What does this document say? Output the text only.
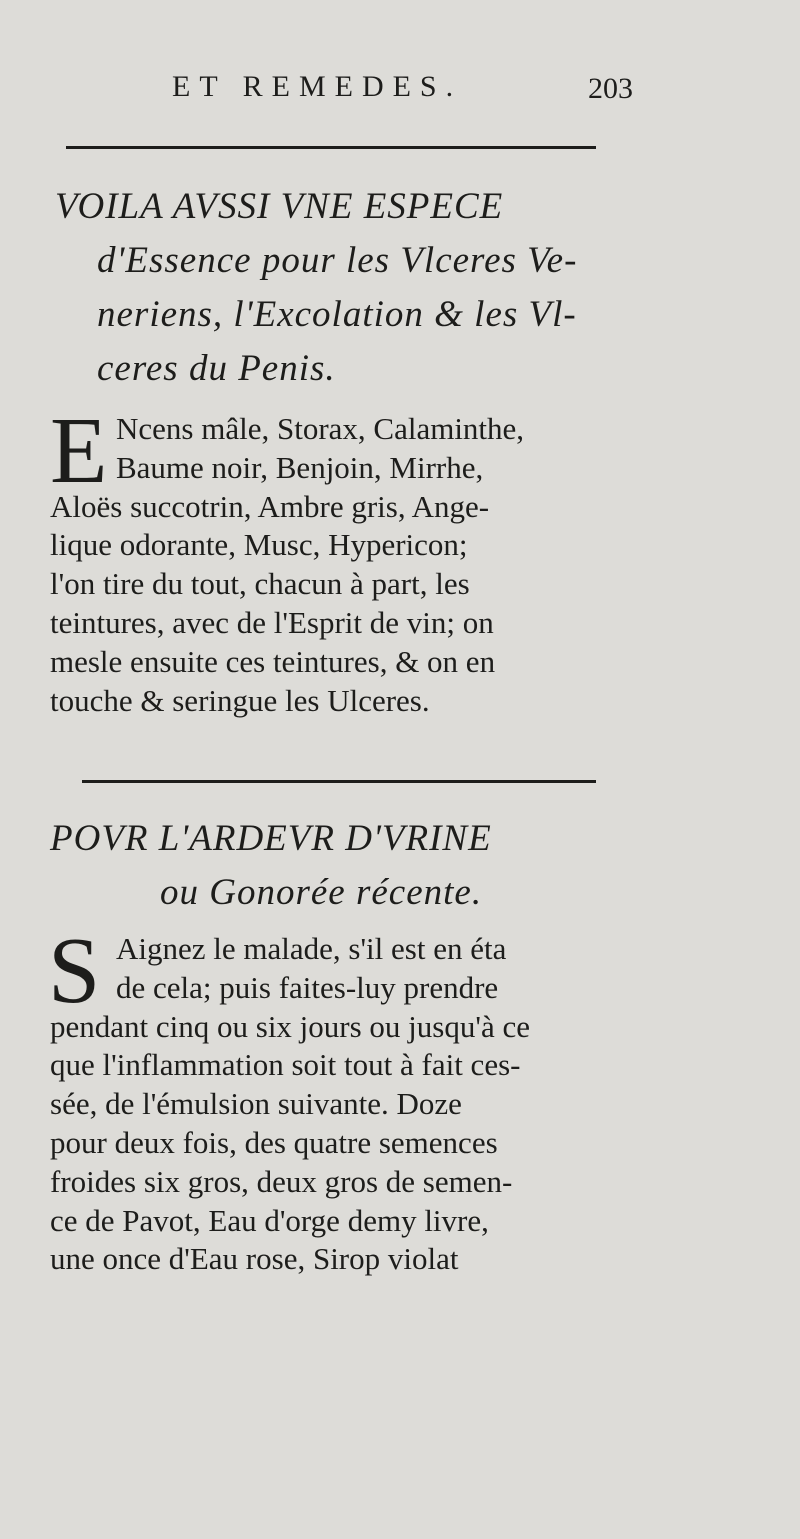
ET REMEDES.	203
VOILA AVSSI VNE ESPECE
d'Essence pour les Vlceres Ve-
neriens, l'Excolation & les Vl-
ceres du Penis.
E Ncens mâle, Storax, Calaminthe,
Baume noir, Benjoin, Mirrhe,
Aloës succotrin, Ambre gris, Ange-
lique odorante, Musc, Hypericon;
l'on tire du tout, chacun à part, les
teintures, avec de l'Esprit de vin; on
mesle ensuite ces teintures, & on en
touche & seringue les Ulceres.
POVR L'ARDEVR D'VRINE
ou Gonorée récente.
S Aignez le malade, s'il est en éta
de cela; puis faites-luy prendre
pendant cinq ou six jours ou jusqu'à ce
que l'inflammation soit tout à fait ces-
sée, de l'émulsion suivante. Doze
pour deux fois, des quatre semences
froides six gros, deux gros de semen-
ce de Pavot, Eau d'orge demy livre,
une once d'Eau rose, Sirop violat
